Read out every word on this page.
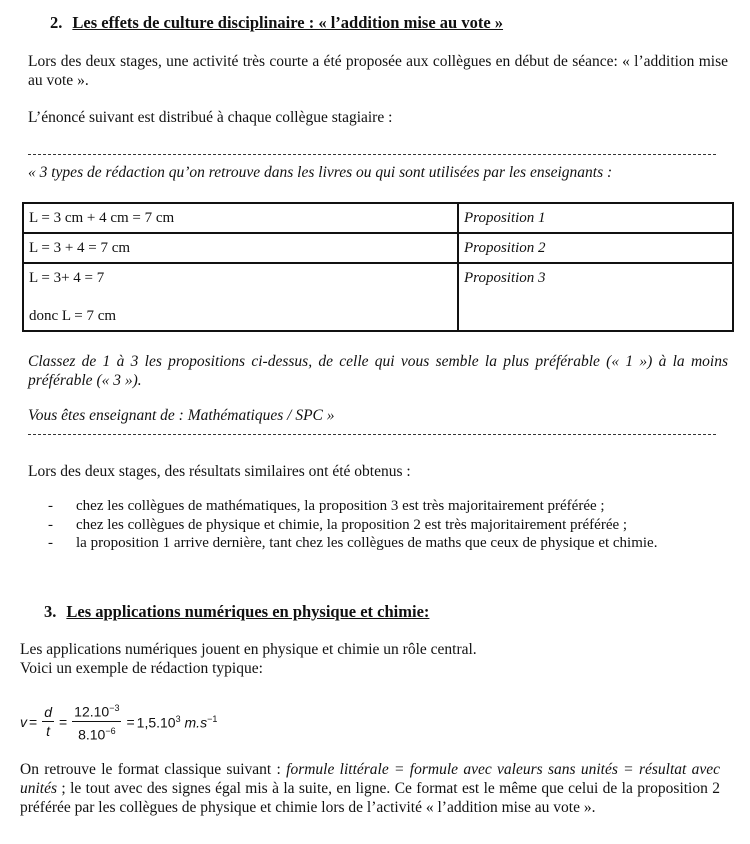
2. Les effets de culture disciplinaire : « l’addition mise au vote »
Lors des deux stages, une activité très courte a été proposée aux collègues en début de séance: « l’addition mise au vote ».
L’énoncé suivant est distribué à chaque collègue stagiaire :
« 3 types de rédaction qu’on retrouve dans les livres ou qui sont utilisées par les enseignants :
L = 3 cm + 4 cm = 7 cm	Proposition 1
L = 3 + 4 = 7 cm	Proposition 2

L = 3+ 4 = 7
donc L = 7 cm	Proposition 3
Classez de 1 à 3 les propositions ci-dessus, de celle qui vous semble la plus préférable (« 1 ») à la moins préférable (« 3 »).
Vous êtes enseignant de : Mathématiques / SPC »
Lors des deux stages, des résultats similaires ont été obtenus :
- chez les collègues de mathématiques, la proposition 3 est très majoritairement préférée ;
- chez les collègues de physique et chimie, la proposition 2 est très majoritairement préférée ;
- la proposition 1 arrive dernière, tant chez les collègues de maths que ceux de physique et chimie.
3. Les applications numériques en physique et chimie:
Les applications numériques jouent en physique et chimie un rôle central.
Voici un exemple de rédaction typique:
$v = \frac{d}{t} = \frac{12.10^{-3}}{8.10^{-6}} = 1,5.10^3$ $m.s^{-1}$
On retrouve le format classique suivant : formule littérale = formule avec valeurs sans unités = résultat avec unités ; le tout avec des signes égal mis à la suite, en ligne. Ce format est le même que celui de la proposition 2 préférée par les collègues de physique et chimie lors de l’activité « l’addition mise au vote ».
